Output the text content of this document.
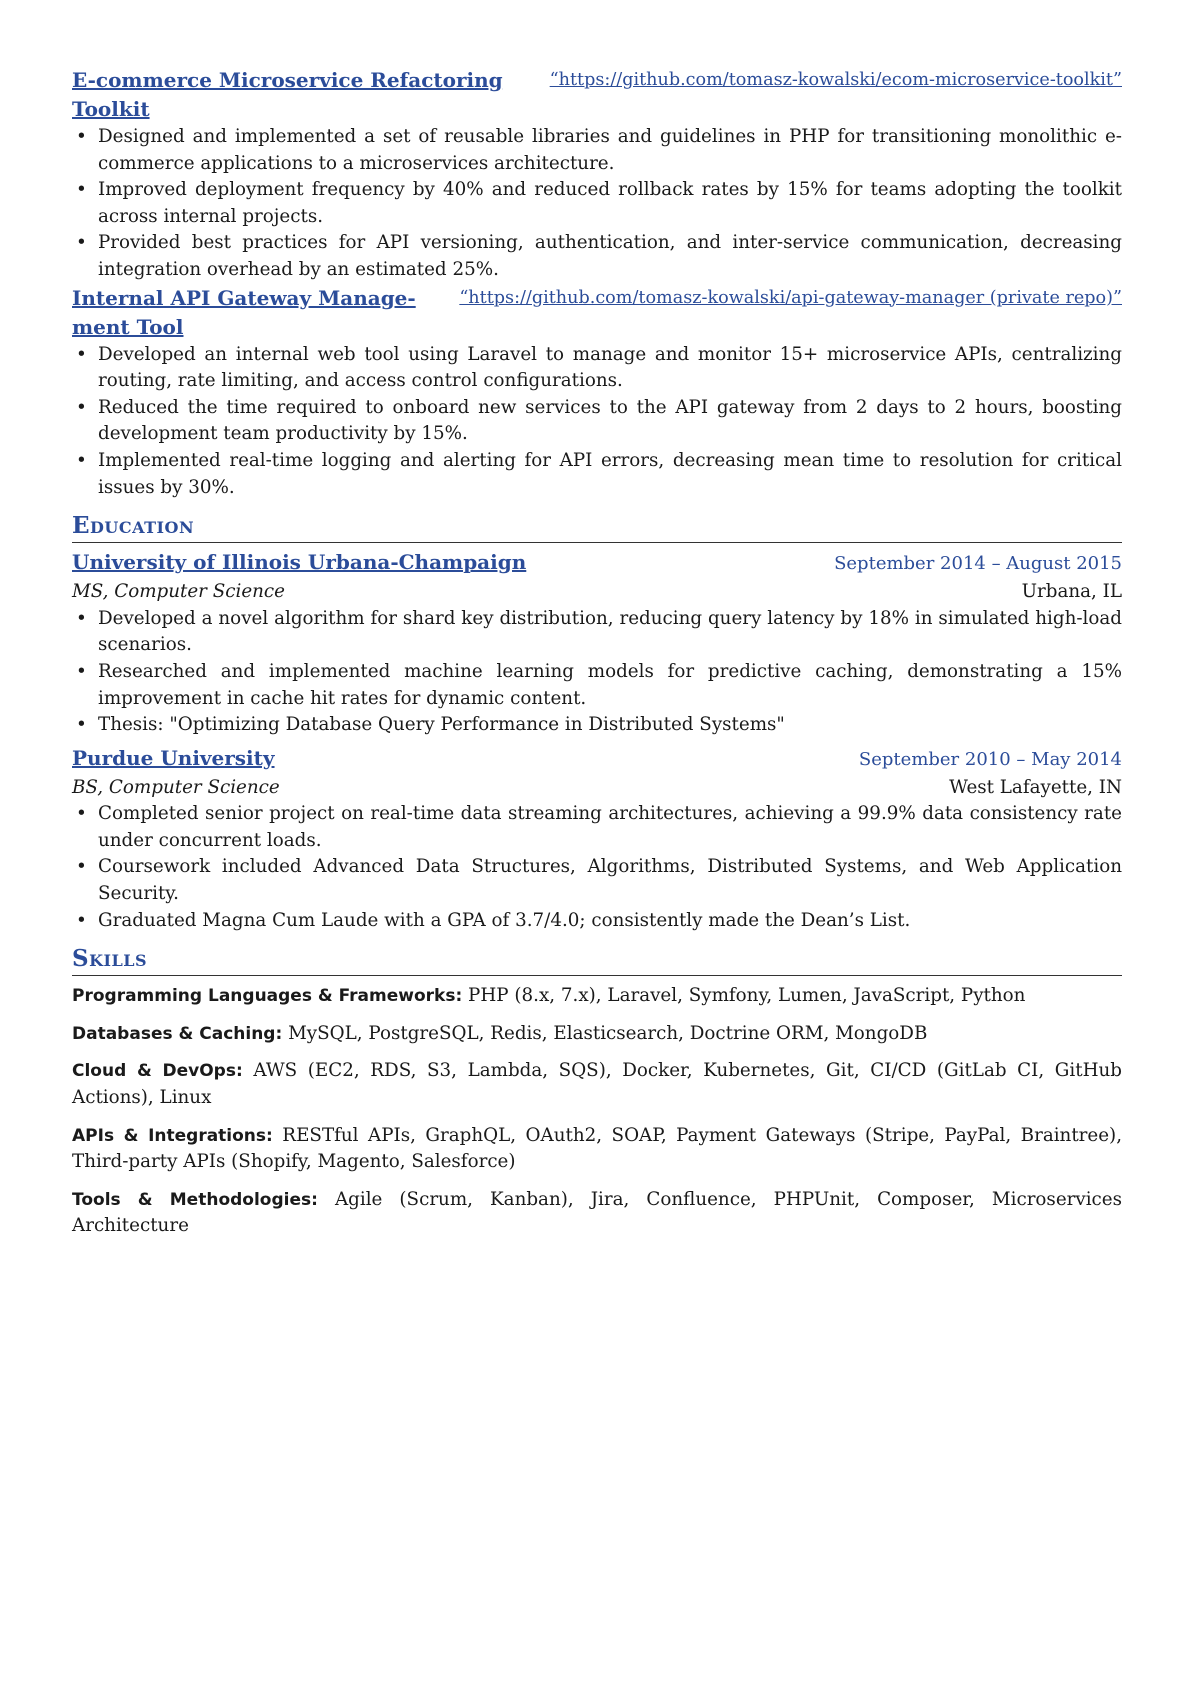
E-commerce Microservice Refactoring Toolkit
“https://github.com/tomasz-kowalski/ecom-microservice-toolkit”
• Designed and implemented a set of reusable libraries and guidelines in PHP for transitioning monolithic e-commerce applications to a microservices architecture.
• Improved deployment frequency by 40% and reduced rollback rates by 15% for teams adopting the toolkit across internal projects.
• Provided best practices for API versioning, authentication, and inter-service communication, decreasing integration overhead by an estimated 25%.
Internal API Gateway Manage-ment Tool
“https://github.com/tomasz-kowalski/api-gateway-manager (private repo)”
• Developed an internal web tool using Laravel to manage and monitor 15+ microservice APIs, centralizing routing, rate limiting, and access control configurations.
• Reduced the time required to onboard new services to the API gateway from 2 days to 2 hours, boosting development team productivity by 15%.
• Implemented real-time logging and alerting for API errors, decreasing mean time to resolution for critical issues by 30%.
Education
University of Illinois Urbana-Champaign	September 2014 – August 2015
MS, Computer Science	Urbana, IL
• Developed a novel algorithm for shard key distribution, reducing query latency by 18% in simulated high-load scenarios.
• Researched and implemented machine learning models for predictive caching, demonstrating a 15% improvement in cache hit rates for dynamic content.
• Thesis: "Optimizing Database Query Performance in Distributed Systems"
Purdue University	September 2010 – May 2014
BS, Computer Science	West Lafayette, IN
• Completed senior project on real-time data streaming architectures, achieving a 99.9% data consistency rate under concurrent loads.
• Coursework included Advanced Data Structures, Algorithms, Distributed Systems, and Web Application Security.
• Graduated Magna Cum Laude with a GPA of 3.7/4.0; consistently made the Dean’s List.
Skills
Programming Languages & Frameworks: PHP (8.x, 7.x), Laravel, Symfony, Lumen, JavaScript, Python
Databases & Caching: MySQL, PostgreSQL, Redis, Elasticsearch, Doctrine ORM, MongoDB
Cloud & DevOps: AWS (EC2, RDS, S3, Lambda, SQS), Docker, Kubernetes, Git, CI/CD (GitLab CI, GitHub Actions), Linux
APIs & Integrations: RESTful APIs, GraphQL, OAuth2, SOAP, Payment Gateways (Stripe, PayPal, Braintree), Third-party APIs (Shopify, Magento, Salesforce)
Tools & Methodologies: Agile (Scrum, Kanban), Jira, Confluence, PHPUnit, Composer, Microservices Architecture
